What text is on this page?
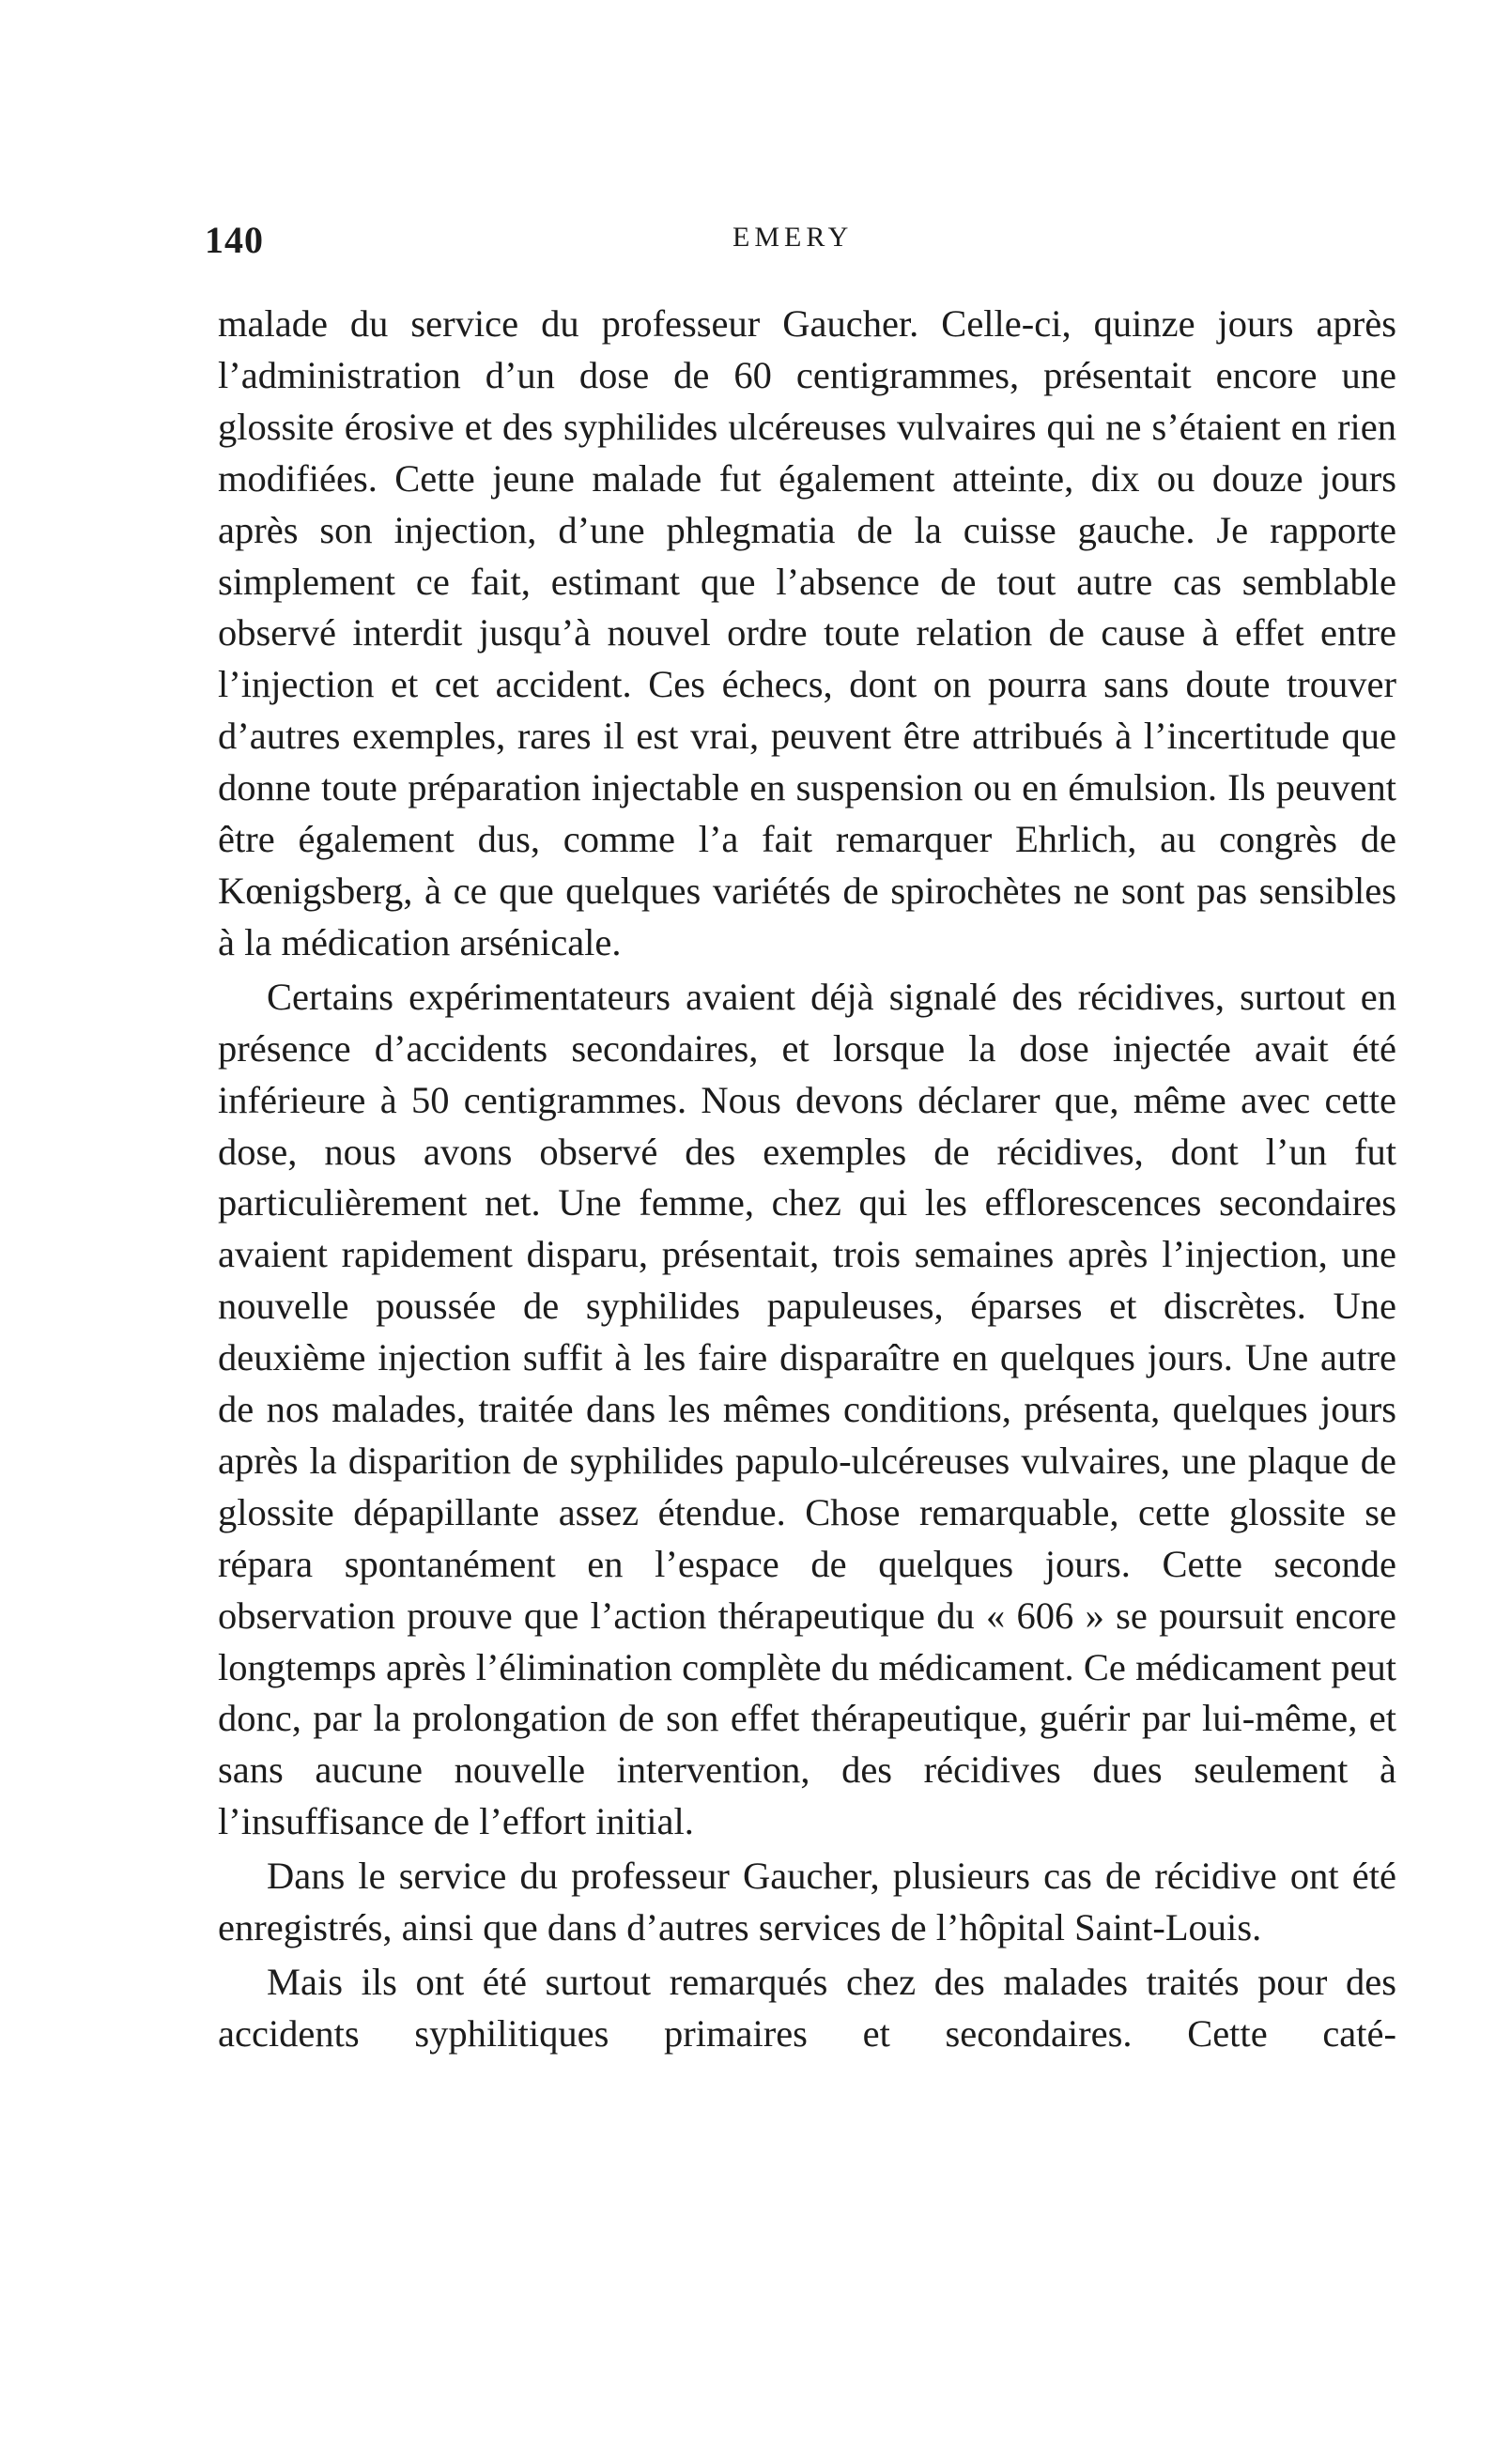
140	EMERY

malade du service du professeur Gaucher. Celle-ci, quinze jours après l’administration d’un dose de 60 centigrammes, présentait encore une glossite érosive et des syphilides ulcéreuses vulvaires qui ne s’étaient en rien modifiées. Cette jeune malade fut également atteinte, dix ou douze jours après son injection, d’une phlegmatia de la cuisse gauche. Je rapporte simplement ce fait, estimant que l’absence de tout autre cas semblable observé interdit jusqu’à nouvel ordre toute relation de cause à effet entre l’injection et cet accident. Ces échecs, dont on pourra sans doute trouver d’autres exemples, rares il est vrai, peuvent être attribués à l’incertitude que donne toute préparation injectable en suspension ou en émulsion. Ils peuvent être également dus, comme l’a fait remarquer Ehrlich, au congrès de Kœnigsberg, à ce que quelques variétés de spirochètes ne sont pas sensibles à la médication arsénicale.

Certains expérimentateurs avaient déjà signalé des récidives, surtout en présence d’accidents secondaires, et lorsque la dose injectée avait été inférieure à 50 centigrammes. Nous devons déclarer que, même avec cette dose, nous avons observé des exemples de récidives, dont l’un fut particulièrement net. Une femme, chez qui les efflorescences secondaires avaient rapidement disparu, présentait, trois semaines après l’injection, une nouvelle poussée de syphilides papuleuses, éparses et discrètes. Une deuxième injection suffit à les faire disparaître en quelques jours. Une autre de nos malades, traitée dans les mêmes conditions, présenta, quelques jours après la disparition de syphilides papulo-ulcéreuses vulvaires, une plaque de glossite dépapillante assez étendue. Chose remarquable, cette glossite se répara spontanément en l’espace de quelques jours. Cette seconde observation prouve que l’action thérapeutique du « 606 » se poursuit encore longtemps après l’élimination complète du médicament. Ce médicament peut donc, par la prolongation de son effet thérapeutique, guérir par lui-même, et sans aucune nouvelle intervention, des récidives dues seulement à l’insuffisance de l’effort initial.

Dans le service du professeur Gaucher, plusieurs cas de récidive ont été enregistrés, ainsi que dans d’autres services de l’hôpital Saint-Louis.

Mais ils ont été surtout remarqués chez des malades traités pour des accidents syphilitiques primaires et secondaires. Cette caté-
